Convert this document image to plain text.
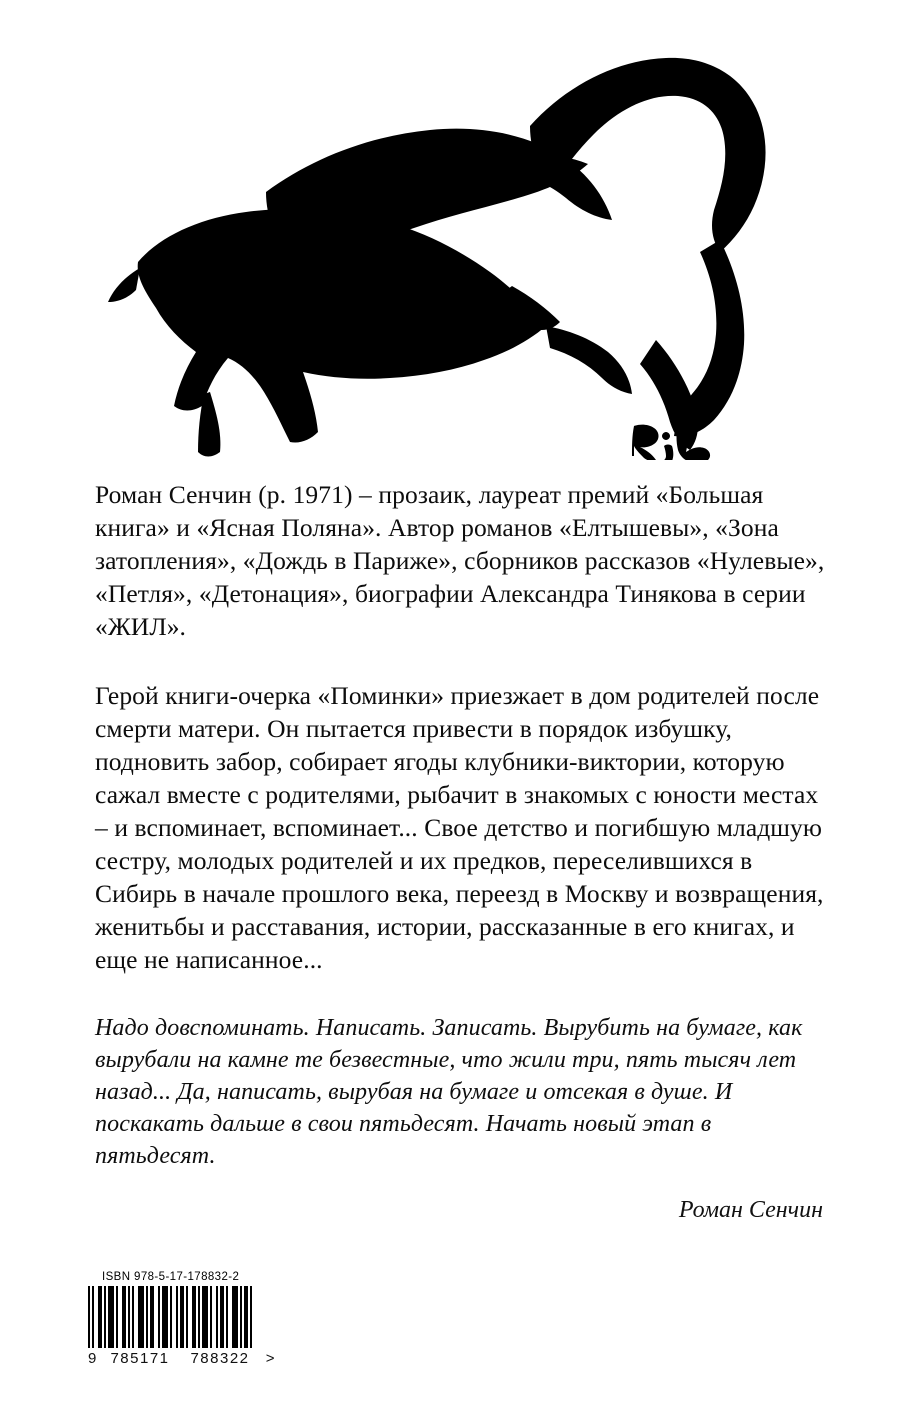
Роман Сенчин (р. 1971) – прозаик, лауреат премий «Большая книга» и «Ясная Поляна». Автор романов «Елтышевы», «Зона затопления», «Дождь в Париже», сборников рассказов «Нулевые», «Петля», «Детонация», биографии Александра Тинякова в серии «ЖИЛ».

Герой книги-очерка «Поминки» приезжает в дом родителей после смерти матери. Он пытается привести в порядок избушку, подновить забор, собирает ягоды клубники-виктории, которую сажал вместе с родителями, рыбачит в знакомых с юности местах – и вспоминает, вспоминает... Свое детство и погибшую младшую сестру, молодых родителей и их предков, переселившихся в Сибирь в начале прошлого века, переезд в Москву и возвращения, женитьбы и расставания, истории, рассказанные в его книгах, и еще не написанное...

Надо довспоминать. Написать. Записать. Вырубить на бумаге, как вырубали на камне те безвестные, что жили три, пять тысяч лет назад... Да, написать, вырубая на бумаге и отсекая в душе. И поскакать дальше в свои пятьдесят. Начать новый этап в пятьдесят.

Роман Сенчин

ISBN 978-5-17-178832-2
9 785171	788322	>
